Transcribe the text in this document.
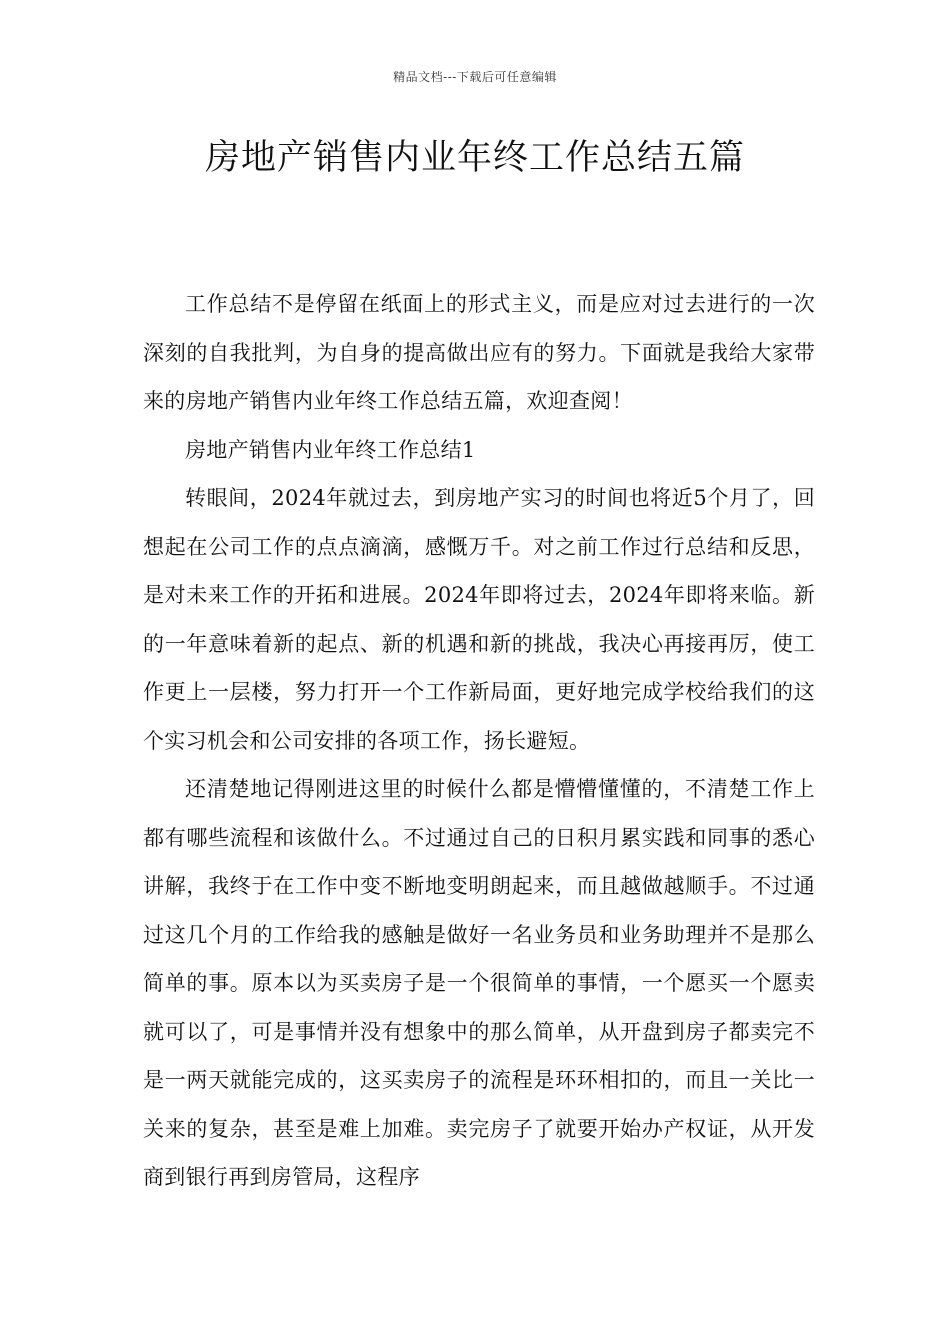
精品文档---下载后可任意编辑
房地产销售内业年终工作总结五篇

工作总结不是停留在纸面上的形式主义，而是应对过去进行的一次深刻的自我批判，为自身的提高做出应有的努力。下面就是我给大家带来的房地产销售内业年终工作总结五篇，欢迎查阅！

房地产销售内业年终工作总结1

转眼间，2024年就过去，到房地产实习的时间也将近5个月了，回想起在公司工作的点点滴滴，感慨万千。对之前工作过行总结和反思，是对未来工作的开拓和进展。2024年即将过去，2024年即将来临。新的一年意味着新的起点、新的机遇和新的挑战，我决心再接再厉，使工作更上一层楼，努力打开一个工作新局面，更好地完成学校给我们的这个实习机会和公司安排的各项工作，扬长避短。

还清楚地记得刚进这里的时候什么都是懵懵懂懂的，不清楚工作上都有哪些流程和该做什么。不过通过自己的日积月累实践和同事的悉心讲解，我终于在工作中变不断地变明朗起来，而且越做越顺手。不过通过这几个月的工作给我的感触是做好一名业务员和业务助理并不是那么简单的事。原本以为买卖房子是一个很简单的事情，一个愿买一个愿卖就可以了，可是事情并没有想象中的那么简单，从开盘到房子都卖完不是一两天就能完成的，这买卖房子的流程是环环相扣的，而且一关比一关来的复杂，甚至是难上加难。卖完房子了就要开始办产权证，从开发商到银行再到房管局，这程序
